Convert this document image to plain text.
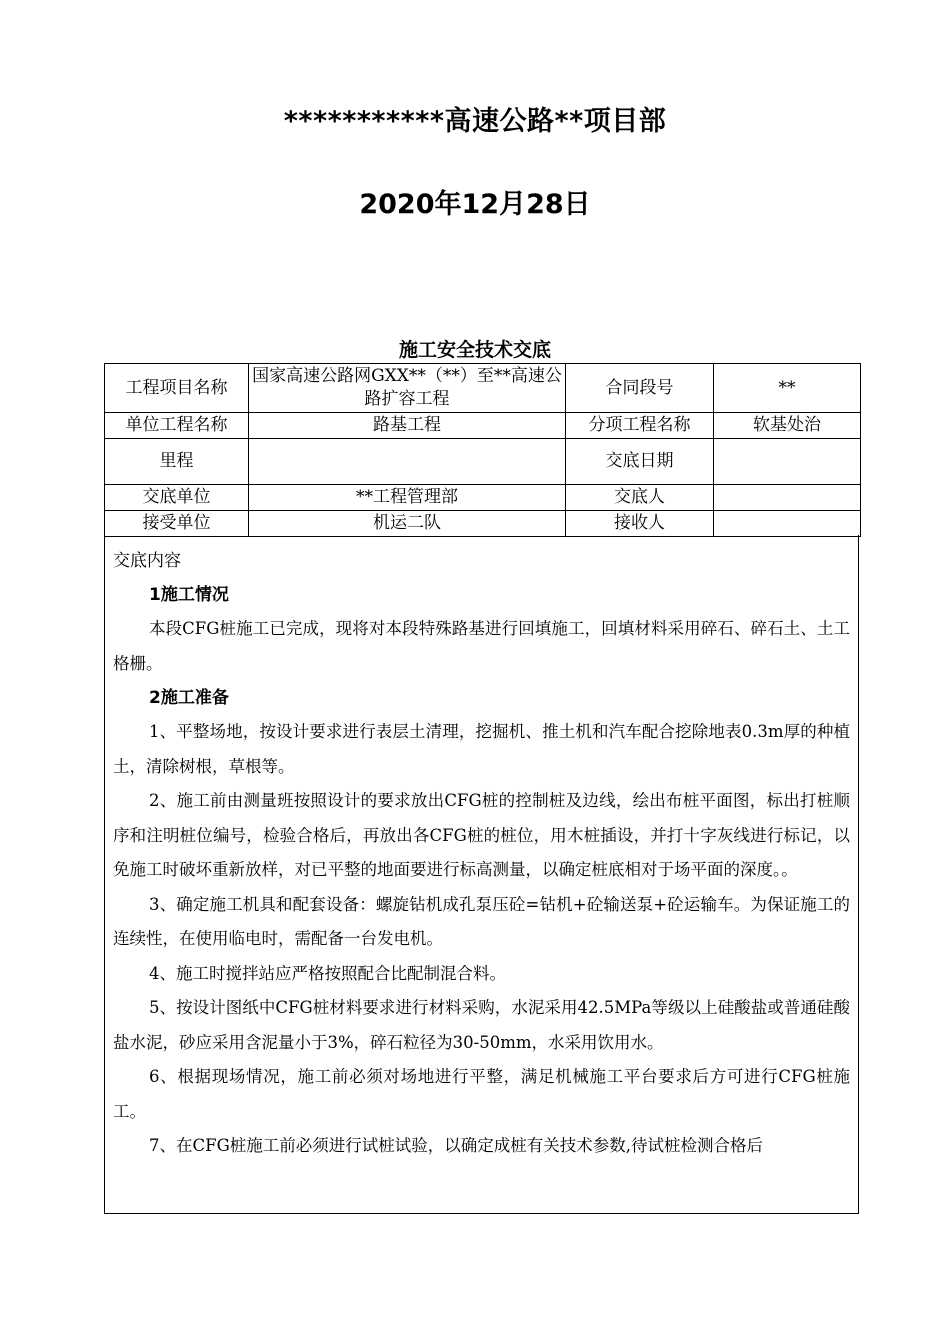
***********高速公路**项目部
2020年12月28日
施工安全技术交底
工程项目名称	国家高速公路网GXX**（**）至**高速公路扩容工程	合同段号	**
单位工程名称	路基工程	分项工程名称	软基处治
里程		交底日期	
交底单位	**工程管理部	交底人	
接受单位	机运二队	接收人	
交底内容
1施工情况

本段CFG桩施工已完成，现将对本段特殊路基进行回填施工，回填材料采用碎石、碎石土、土工格栅。

2施工准备

1、平整场地，按设计要求进行表层土清理，挖掘机、推土机和汽车配合挖除地表0.3m厚的种植土，清除树根，草根等。

2、施工前由测量班按照设计的要求放出CFG桩的控制桩及边线，绘出布桩平面图，标出打桩顺序和注明桩位编号，检验合格后，再放出各CFG桩的桩位，用木桩插设，并打十字灰线进行标记，以免施工时破坏重新放样，对已平整的地面要进行标高测量，以确定桩底相对于场平面的深度。。

3、确定施工机具和配套设备：螺旋钻机成孔泵压砼=钻机+砼输送泵+砼运输车。为保证施工的连续性，在使用临电时，需配备一台发电机。

4、施工时搅拌站应严格按照配合比配制混合料。

5、按设计图纸中CFG桩材料要求进行材料采购，水泥采用42.5MPa等级以上硅酸盐或普通硅酸盐水泥，砂应采用含泥量小于3%，碎石粒径为30-50mm，水采用饮用水。

6、根据现场情况，施工前必须对场地进行平整，满足机械施工平台要求后方可进行CFG桩施工。

7、在CFG桩施工前必须进行试桩试验，以确定成桩有关技术参数,待试桩检测合格后
